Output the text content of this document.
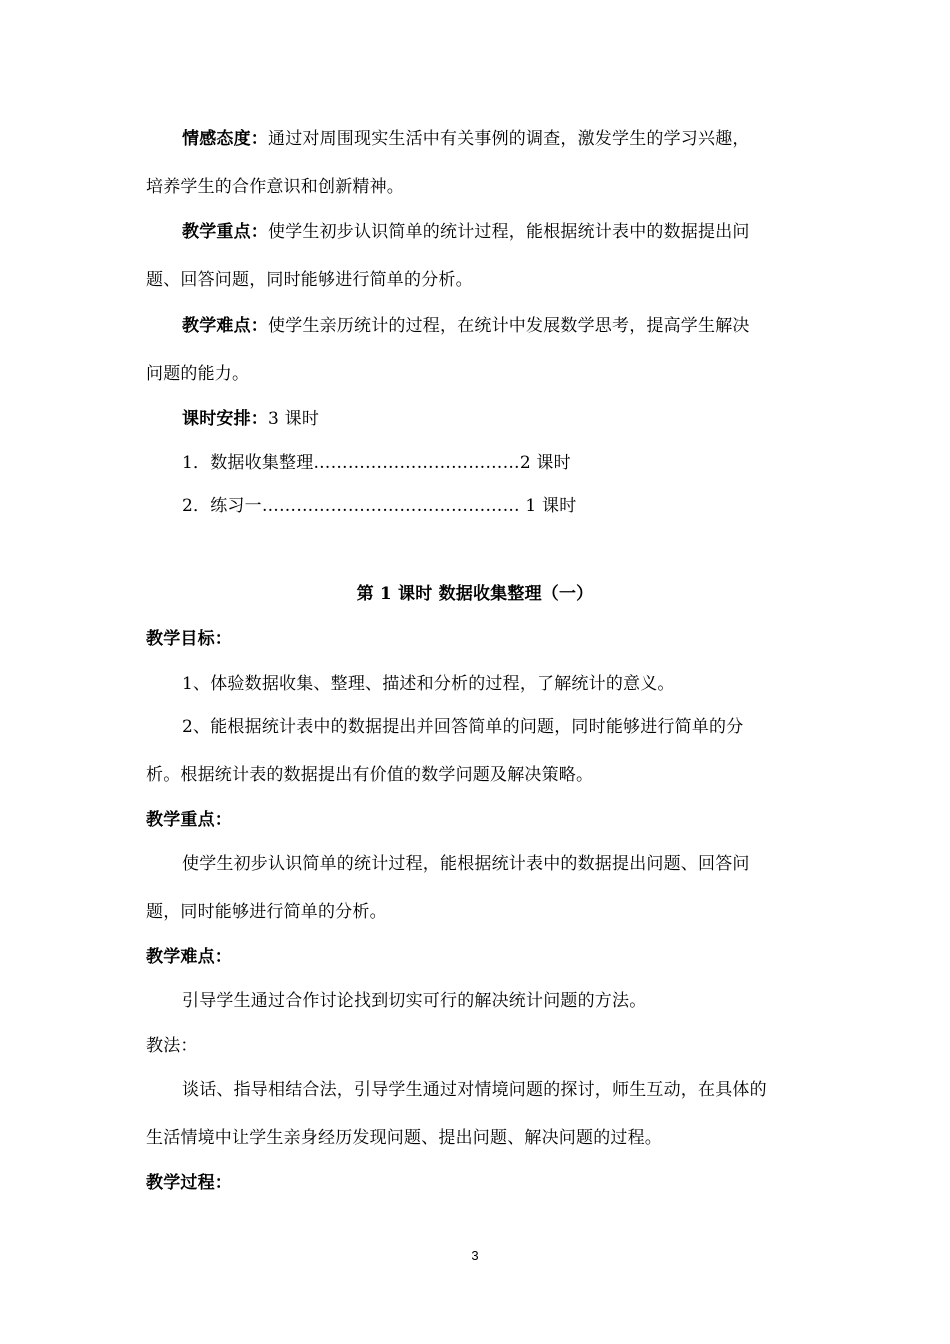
情感态度：通过对周围现实生活中有关事例的调查，激发学生的学习兴趣，
培养学生的合作意识和创新精神。
教学重点：使学生初步认识简单的统计过程，能根据统计表中的数据提出问
题、回答问题，同时能够进行简单的分析。
教学难点：使学生亲历统计的过程，在统计中发展数学思考，提高学生解决
问题的能力。
课时安排：3 课时
1．数据收集整理………………………………2 课时
2．练习一……………………………………… 1 课时
第 1 课时 数据收集整理（一）
教学目标：
1、体验数据收集、整理、描述和分析的过程，了解统计的意义。
2、能根据统计表中的数据提出并回答简单的问题，同时能够进行简单的分
析。根据统计表的数据提出有价值的数学问题及解决策略。
教学重点：
使学生初步认识简单的统计过程，能根据统计表中的数据提出问题、回答问
题，同时能够进行简单的分析。
教学难点：
引导学生通过合作讨论找到切实可行的解决统计问题的方法。
教法：
谈话、指导相结合法，引导学生通过对情境问题的探讨，师生互动，在具体的
生活情境中让学生亲身经历发现问题、提出问题、解决问题的过程。
教学过程：
3
